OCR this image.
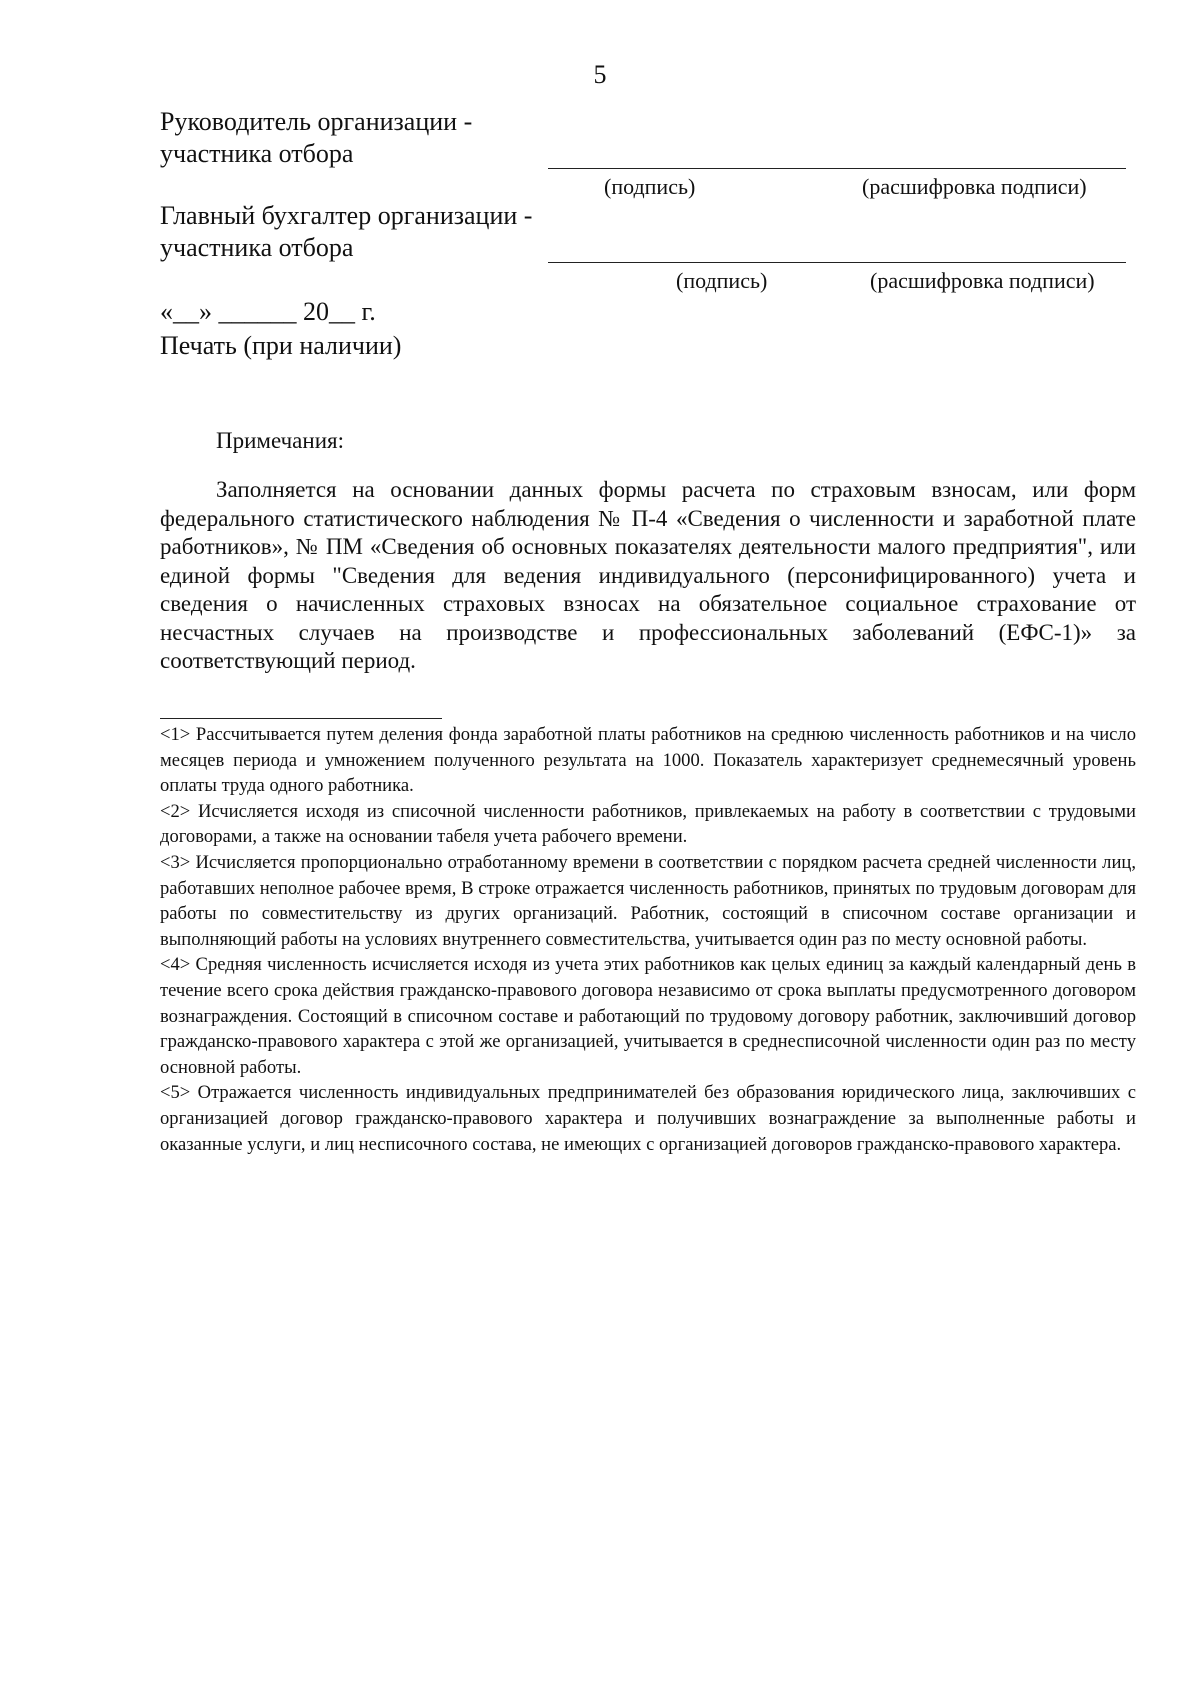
5
Руководитель организации -
участника отбора
(подпись)	(расшифровка подписи)
Главный бухгалтер организации -
участника отбора
(подпись)	(расшифровка подписи)
«__» ______ 20__ г.
Печать (при наличии)
Примечания:

Заполняется на основании данных формы расчета по страховым взносам, или форм федерального статистического наблюдения № П-4 «Сведения о численности и заработной плате работников», № ПМ «Сведения об основных показателях деятельности малого предприятия", или единой формы "Сведения для ведения индивидуального (персонифицированного) учета и сведения о начисленных страховых взносах на обязательное социальное страхование от несчастных случаев на производстве и профессиональных заболеваний (ЕФС-1)» за соответствующий период.

<1> Рассчитывается путем деления фонда заработной платы работников на среднюю численность работников и на число месяцев периода и умножением полученного результата на 1000. Показатель характеризует среднемесячный уровень оплаты труда одного работника.
<2> Исчисляется исходя из списочной численности работников, привлекаемых на работу в соответствии с трудовыми договорами, а также на основании табеля учета рабочего времени.
<3> Исчисляется пропорционально отработанному времени в соответствии с порядком расчета средней численности лиц, работавших неполное рабочее время, В строке отражается численность работников, принятых по трудовым договорам для работы по совместительству из других организаций. Работник, состоящий в списочном составе организации и выполняющий работы на условиях внутреннего совместительства, учитывается один раз по месту основной работы.
<4> Средняя численность исчисляется исходя из учета этих работников как целых единиц за каждый календарный день в течение всего срока действия гражданско-правового договора независимо от срока выплаты предусмотренного договором вознаграждения. Состоящий в списочном составе и работающий по трудовому договору работник, заключивший договор гражданско-правового характера с этой же организацией, учитывается в среднесписочной численности один раз по месту основной работы.
<5> Отражается численность индивидуальных предпринимателей без образования юридического лица, заключивших с организацией договор гражданско-правового характера и получивших вознаграждение за выполненные работы и оказанные услуги, и лиц несписочного состава, не имеющих с организацией договоров гражданско-правового характера.
